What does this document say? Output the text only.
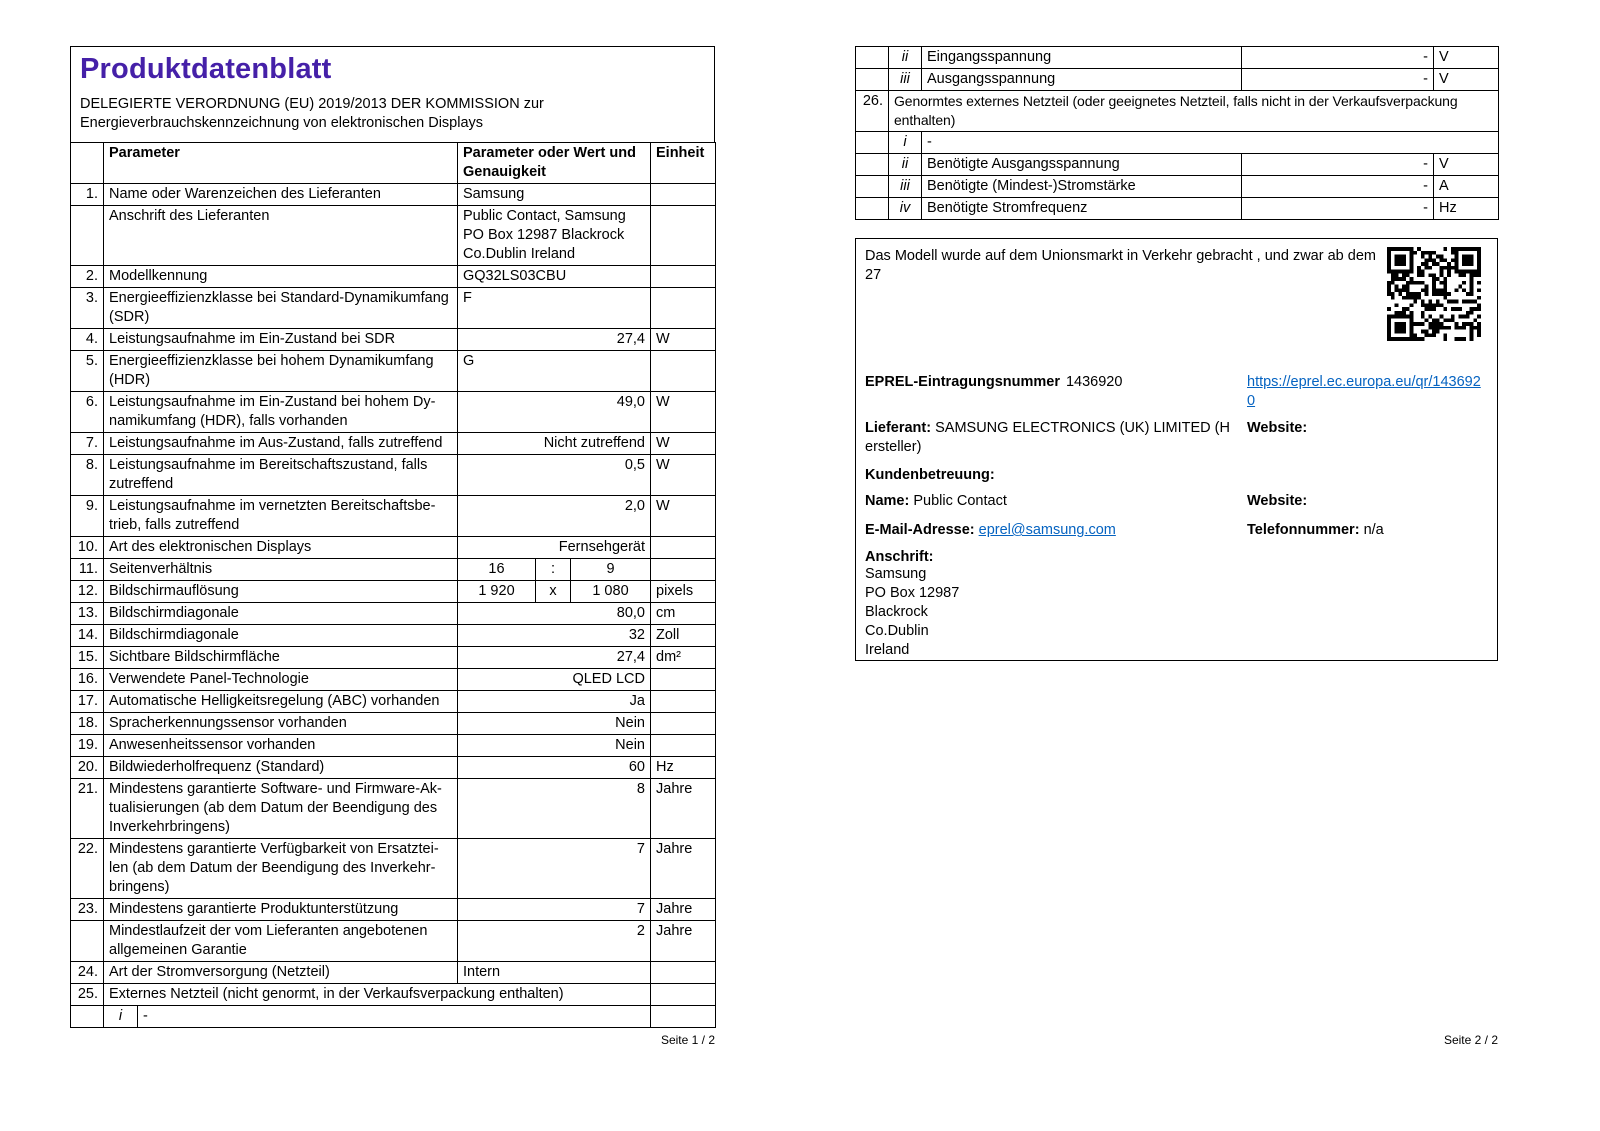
Produktdatenblatt
DELEGIERTE VERORDNUNG (EU) 2019/2013 DER KOMMISSION zur
Energieverbrauchskennzeichnung von elektronischen Displays
	Parameter		Parameter oder Wert und
Genauigkeit			Einheit
1.	Name oder Warenzeichen des Lieferanten		Samsung			
	Anschrift des Lieferanten		Public Contact, Samsung
PO Box 12987 Blackrock
Co.Dublin Ireland			
2.	Modellkennung		GQ32LS03CBU			
3.	Energieeffizienzklasse bei Standard-Dynamikumfang
(SDR)		F			
4.	Leistungsaufnahme im Ein-Zustand bei SDR		27,4			W
5.	Energieeffizienzklasse bei hohem Dynamikumfang
(HDR)		G			
6.	Leistungsaufnahme im Ein-Zustand bei hohem Dy-
namikumfang (HDR), falls vorhanden		49,0			W
7.	Leistungsaufnahme im Aus-Zustand, falls zutreffend		Nicht zutreffend			W
8.	Leistungsaufnahme im Bereitschaftszustand, falls
zutreffend		0,5			W
9.	Leistungsaufnahme im vernetzten Bereitschaftsbe-
trieb, falls zutreffend		2,0			W
10.	Art des elektronischen Displays		Fernsehgerät			
11.	Seitenverhältnis		16	:	9	
12.	Bildschirmauflösung		1 920	x	1 080	pixels
13.	Bildschirmdiagonale		80,0			cm
14.	Bildschirmdiagonale		32			Zoll
15.	Sichtbare Bildschirmfläche		27,4			dm²
16.	Verwendete Panel-Technologie		QLED LCD			
17.	Automatische Helligkeitsregelung (ABC) vorhanden		Ja			
18.	Spracherkennungssensor vorhanden		Nein			
19.	Anwesenheitssensor vorhanden		Nein			
20.	Bildwiederholfrequenz (Standard)		60			Hz
21.	Mindestens garantierte Software- und Firmware-Ak-
tualisierungen (ab dem Datum der Beendigung des
Inverkehrbringens)		8			Jahre
22.	Mindestens garantierte Verfügbarkeit von Ersatztei-
len (ab dem Datum der Beendigung des Inverkehr-
bringens)		7			Jahre
23.	Mindestens garantierte Produktunterstützung		7			Jahre
	Mindestlaufzeit der vom Lieferanten angebotenen
allgemeinen Garantie		2			Jahre
24.	Art der Stromversorgung (Netzteil)		Intern			
25.	Externes Netzteil (nicht genormt, in der Verkaufsverpackung enthalten)					
	i	-				
	ii	Eingangsspannung	-	V
	iii	Ausgangsspannung	-	V
26.	Genormtes externes Netzteil (oder geeignetes Netzteil, falls nicht in der Verkaufsverpackung
enthalten)			
	i	-		
	ii	Benötigte Ausgangsspannung	-	V
	iii	Benötigte (Mindest-)Stromstärke	-	A
	iv	Benötigte Stromfrequenz	-	Hz

Das Modell wurde auf dem Unionsmarkt in Verkehr gebracht , und zwar ab dem 27

EPREL-Eintragungsnummer 1436920	https://eprel.ec.europa.eu/qr/1436920
Lieferant: SAMSUNG ELECTRONICS (UK) LIMITED (Hersteller)
Website:
Kundenbetreuung:
Name: Public Contact	Website:
E-Mail-Adresse: eprel@samsung.com	Telefonnummer: n/a
Anschrift:
Samsung
PO Box 12987
Blackrock
Co.Dublin
Ireland
Seite 1 / 2	Seite 2 / 2
